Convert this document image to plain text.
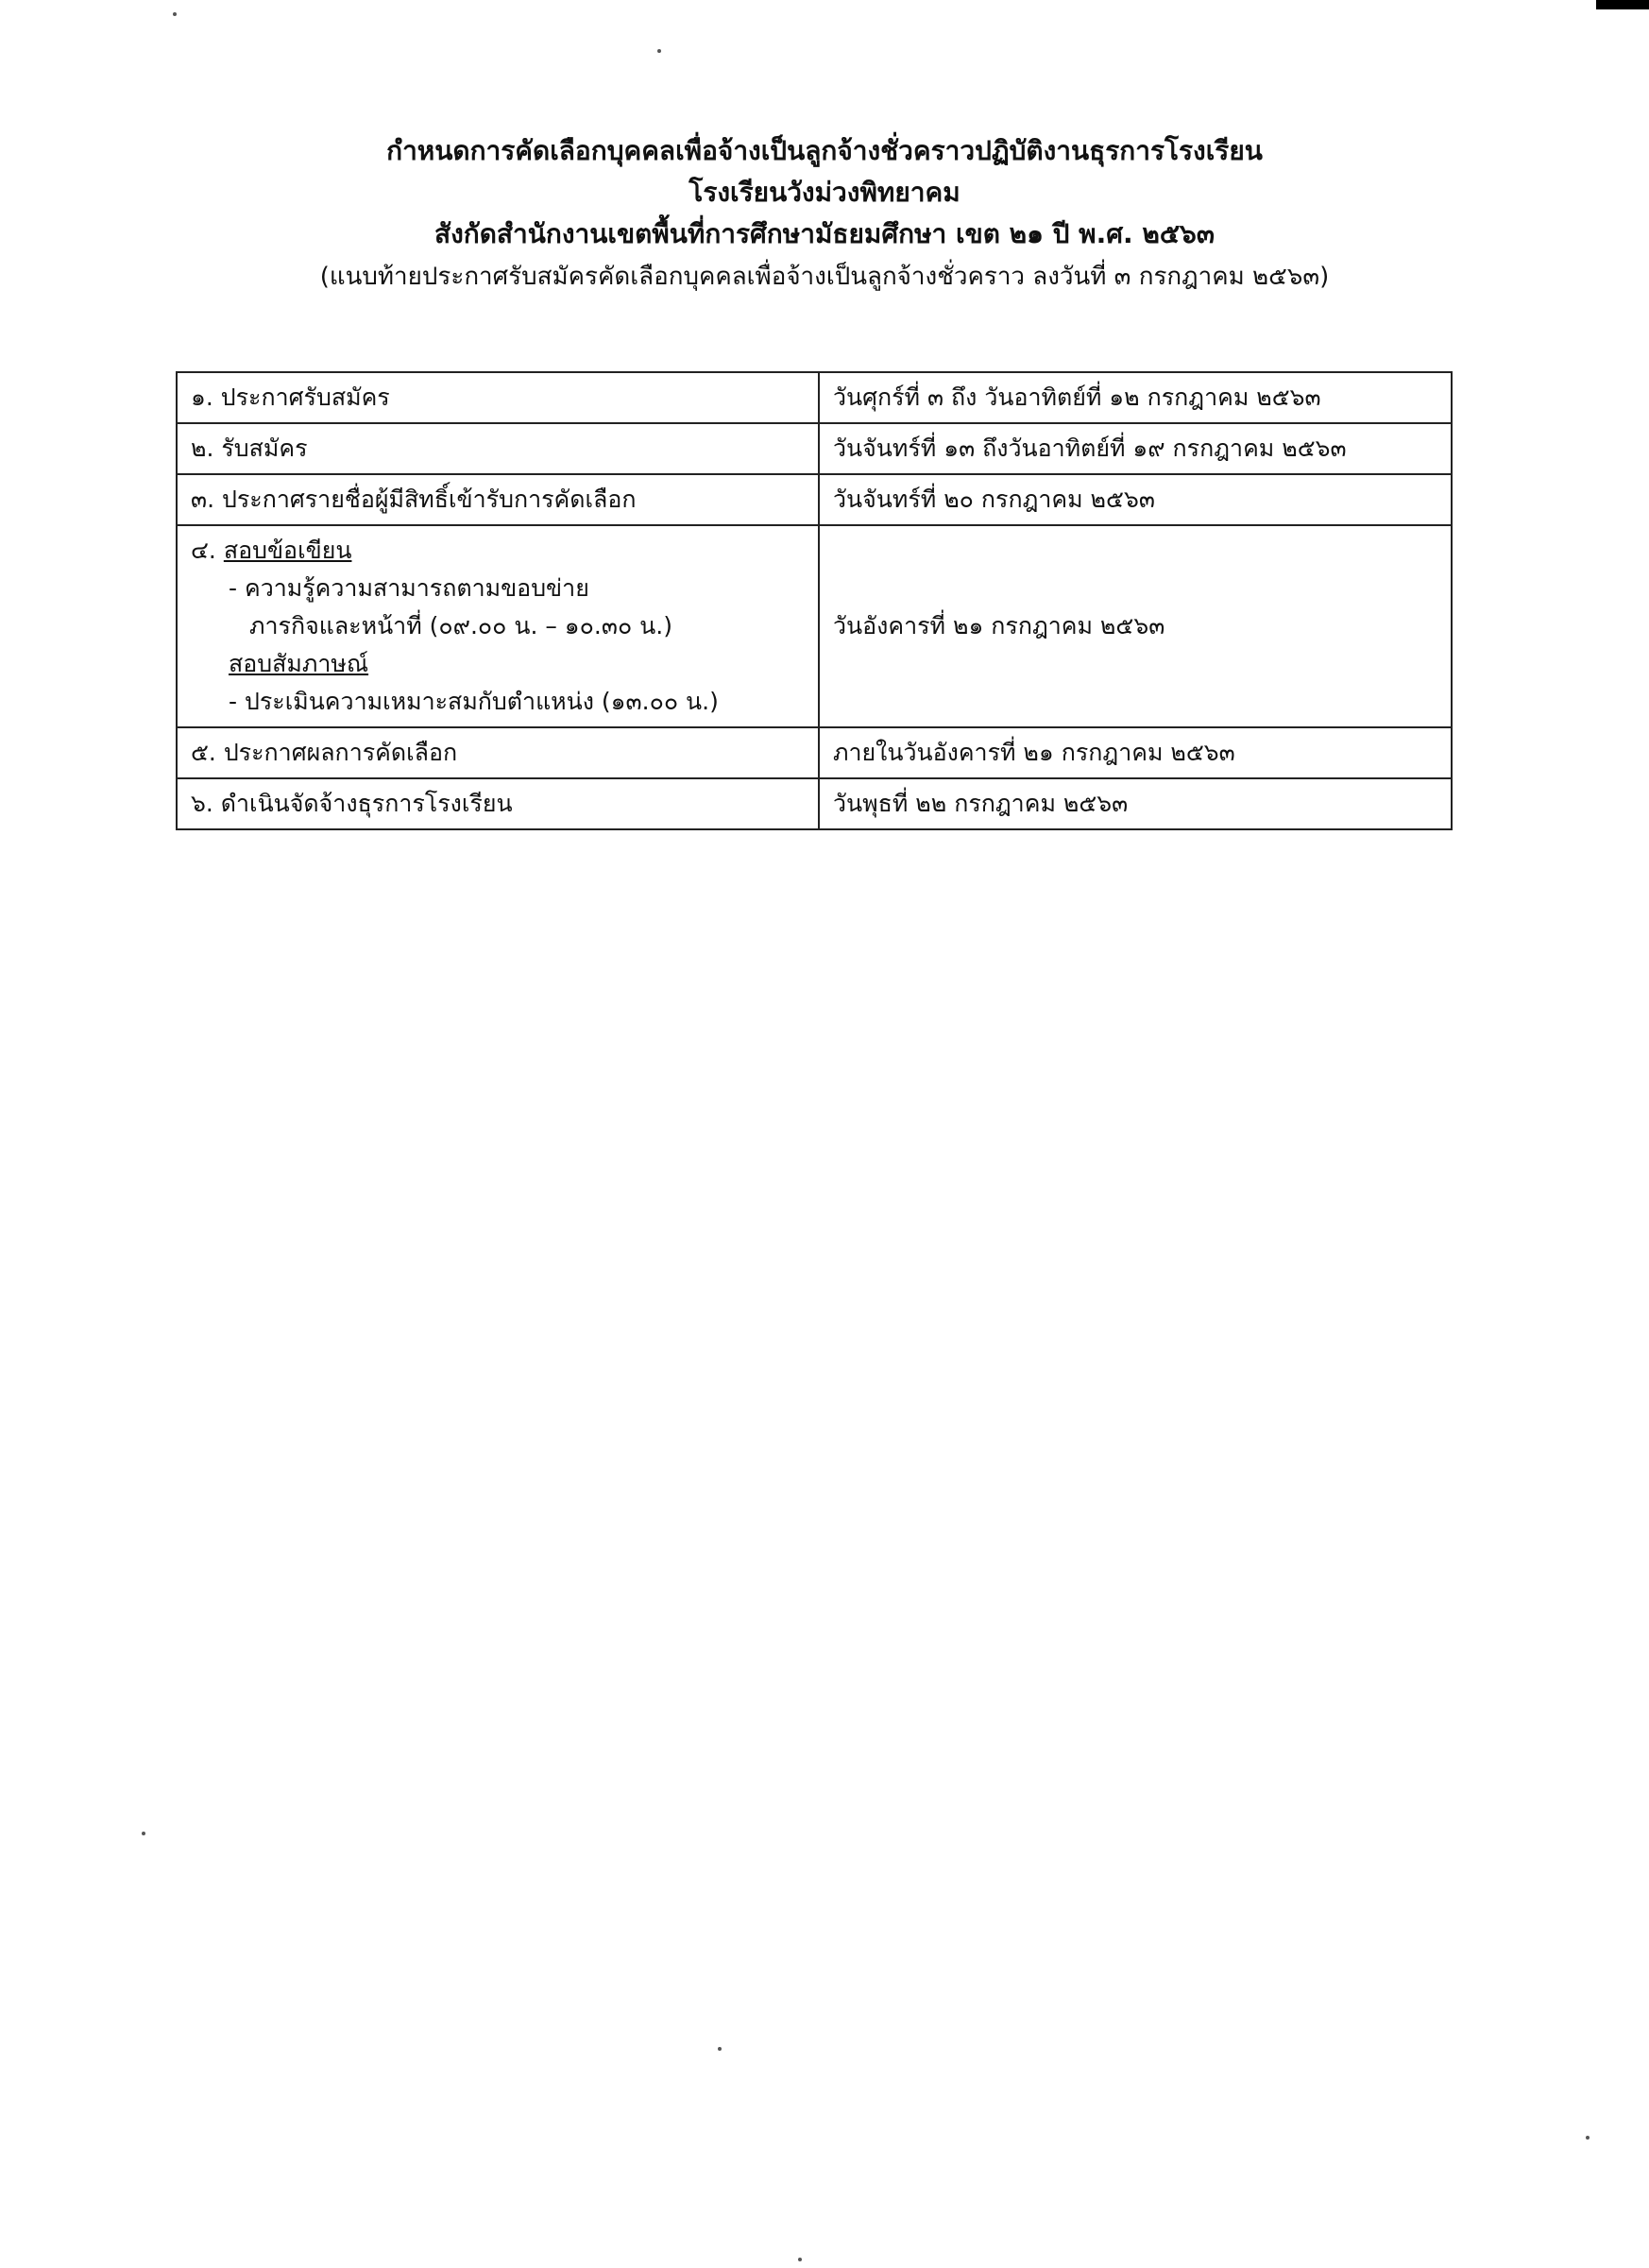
กำหนดการคัดเลือกบุคคลเพื่อจ้างเป็นลูกจ้างชั่วคราวปฏิบัติงานธุรการโรงเรียน

โรงเรียนวังม่วงพิทยาคม

สังกัดสำนักงานเขตพื้นที่การศึกษามัธยมศึกษา เขต ๒๑ ปี พ.ศ. ๒๕๖๓

(แนบท้ายประกาศรับสมัครคัดเลือกบุคคลเพื่อจ้างเป็นลูกจ้างชั่วคราว ลงวันที่ ๓ กรกฎาคม ๒๕๖๓)

๑. ประกาศรับสมัคร	วันศุกร์ที่ ๓ ถึง วันอาทิตย์ที่ ๑๒ กรกฎาคม ๒๕๖๓
๒. รับสมัคร	วันจันทร์ที่ ๑๓ ถึงวันอาทิตย์ที่ ๑๙ กรกฎาคม ๒๕๖๓
๓. ประกาศรายชื่อผู้มีสิทธิ์เข้ารับการคัดเลือก	วันจันทร์ที่ ๒๐ กรกฎาคม ๒๕๖๓

๔. สอบข้อเขียน
- ความรู้ความสามารถตามขอบข่าย
ภารกิจและหน้าที่ (๐๙.๐๐ น. – ๑๐.๓๐ น.)
สอบสัมภาษณ์
- ประเมินความเหมาะสมกับตำแหน่ง (๑๓.๐๐ น.)	วันอังคารที่ ๒๑ กรกฎาคม ๒๕๖๓
๕. ประกาศผลการคัดเลือก	ภายในวันอังคารที่ ๒๑ กรกฎาคม ๒๕๖๓
๖. ดำเนินจัดจ้างธุรการโรงเรียน	วันพุธที่ ๒๒ กรกฎาคม ๒๕๖๓
